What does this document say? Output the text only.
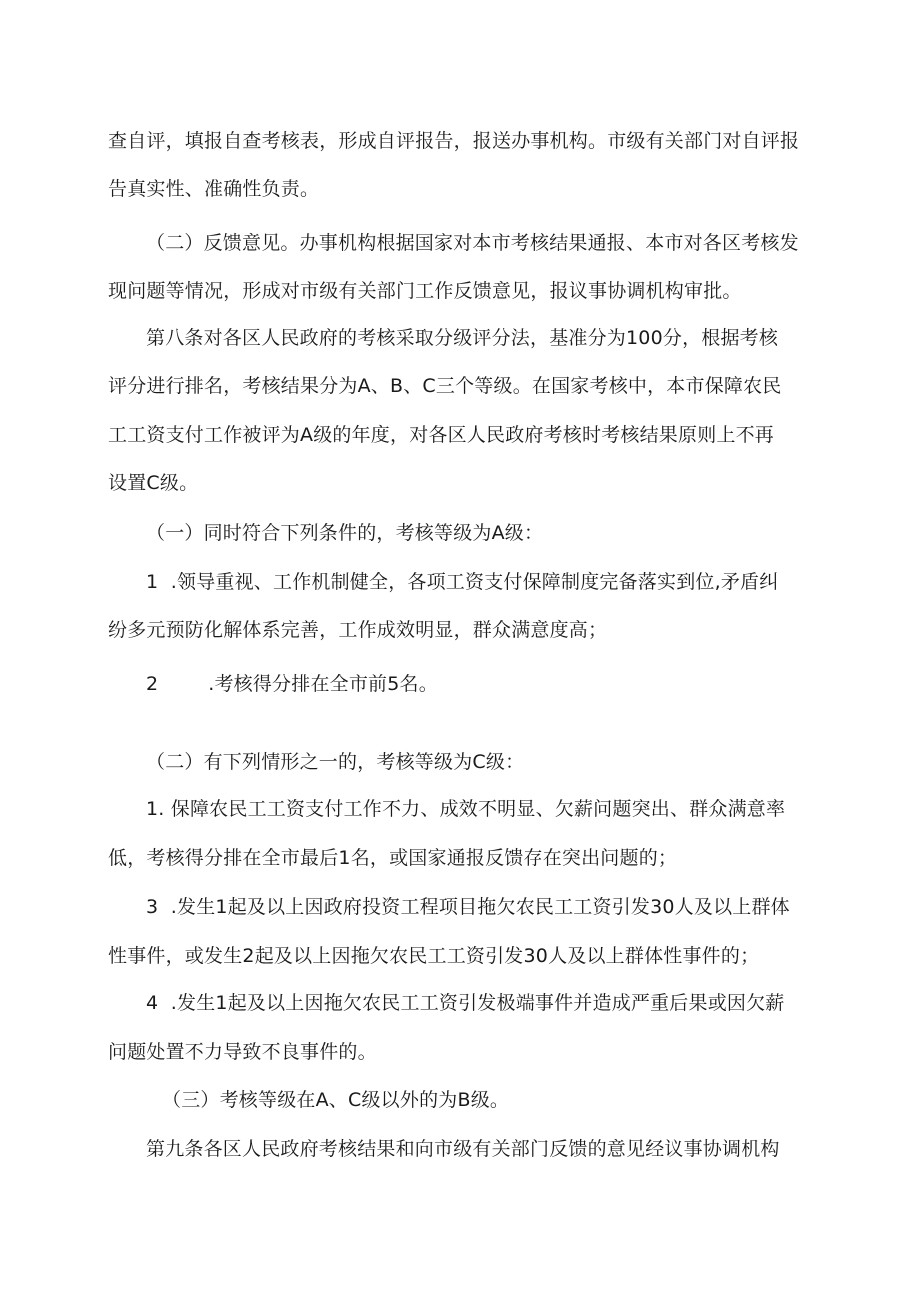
查自评，填报自查考核表，形成自评报告，报送办事机构。市级有关部门对自评报
告真实性、准确性负责。
（二）反馈意见。办事机构根据国家对本市考核结果通报、本市对各区考核发
现问题等情况，形成对市级有关部门工作反馈意见，报议事协调机构审批。
第八条对各区人民政府的考核采取分级评分法，基准分为100分，根据考核
评分进行排名，考核结果分为A、B、C三个等级。在国家考核中，本市保障农民
工工资支付工作被评为A级的年度，对各区人民政府考核时考核结果原则上不再
设置C级。
（一）同时符合下列条件的，考核等级为A级：
1  .领导重视、工作机制健全，各项工资支付保障制度完备落实到位,矛盾纠
纷多元预防化解体系完善，工作成效明显，群众满意度高；
2        .考核得分排在全市前5名。
（二）有下列情形之一的，考核等级为C级：
1. 保障农民工工资支付工作不力、成效不明显、欠薪问题突出、群众满意率
低，考核得分排在全市最后1名，或国家通报反馈存在突出问题的；
3  .发生1起及以上因政府投资工程项目拖欠农民工工资引发30人及以上群体
性事件，或发生2起及以上因拖欠农民工工资引发30人及以上群体性事件的；
4  .发生1起及以上因拖欠农民工工资引发极端事件并造成严重后果或因欠薪
问题处置不力导致不良事件的。
（三）考核等级在A、C级以外的为B级。
第九条各区人民政府考核结果和向市级有关部门反馈的意见经议事协调机构
